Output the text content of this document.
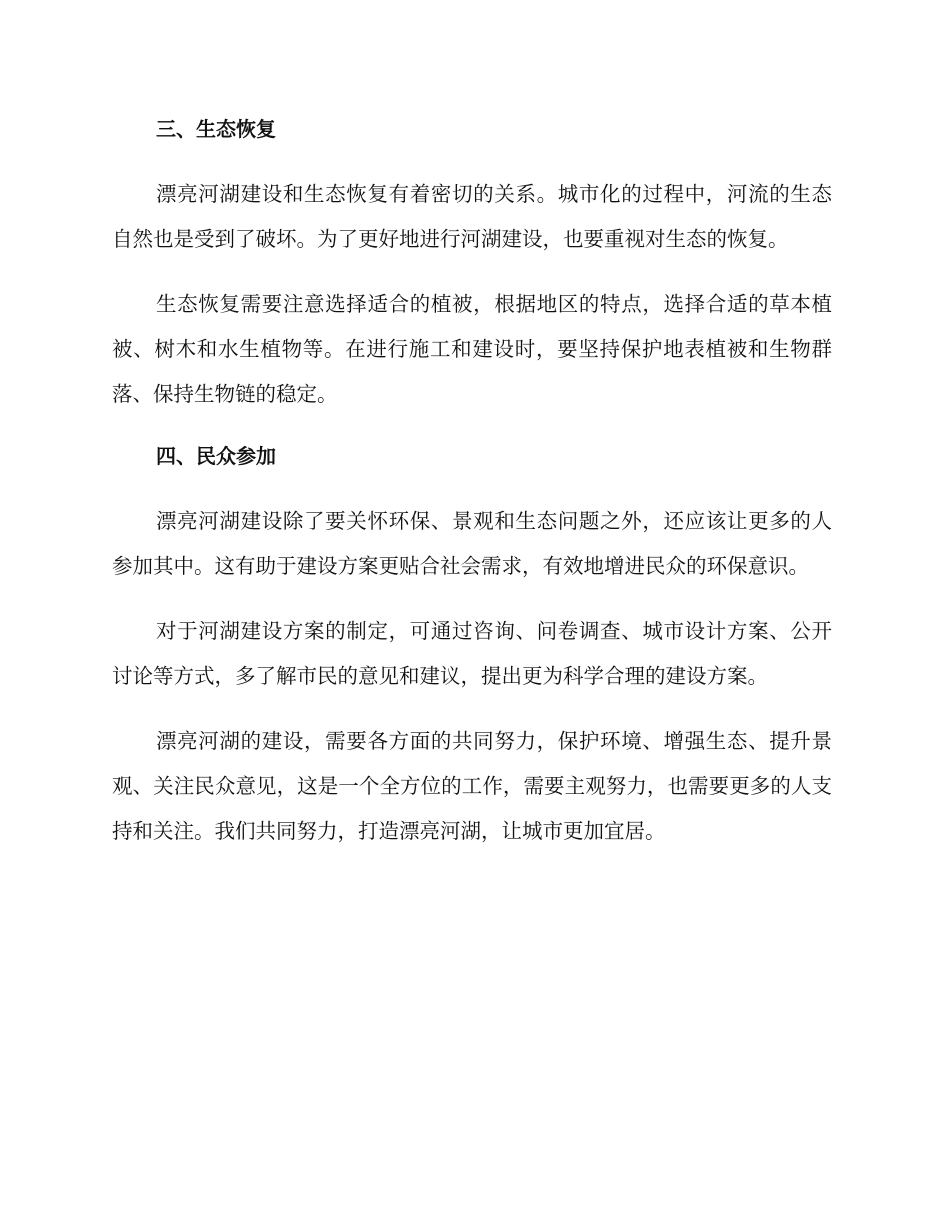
三、生态恢复

漂亮河湖建设和生态恢复有着密切的关系。城市化的过程中，河流的生态自然也是受到了破坏。为了更好地进行河湖建设，也要重视对生态的恢复。

生态恢复需要注意选择适合的植被，根据地区的特点，选择合适的草本植被、树木和水生植物等。在进行施工和建设时，要坚持保护地表植被和生物群落、保持生物链的稳定。

四、民众参加

漂亮河湖建设除了要关怀环保、景观和生态问题之外，还应该让更多的人参加其中。这有助于建设方案更贴合社会需求，有效地增进民众的环保意识。

对于河湖建设方案的制定，可通过咨询、问卷调查、城市设计方案、公开讨论等方式，多了解市民的意见和建议，提出更为科学合理的建设方案。

漂亮河湖的建设，需要各方面的共同努力，保护环境、增强生态、提升景观、关注民众意见，这是一个全方位的工作，需要主观努力，也需要更多的人支持和关注。我们共同努力，打造漂亮河湖，让城市更加宜居。
